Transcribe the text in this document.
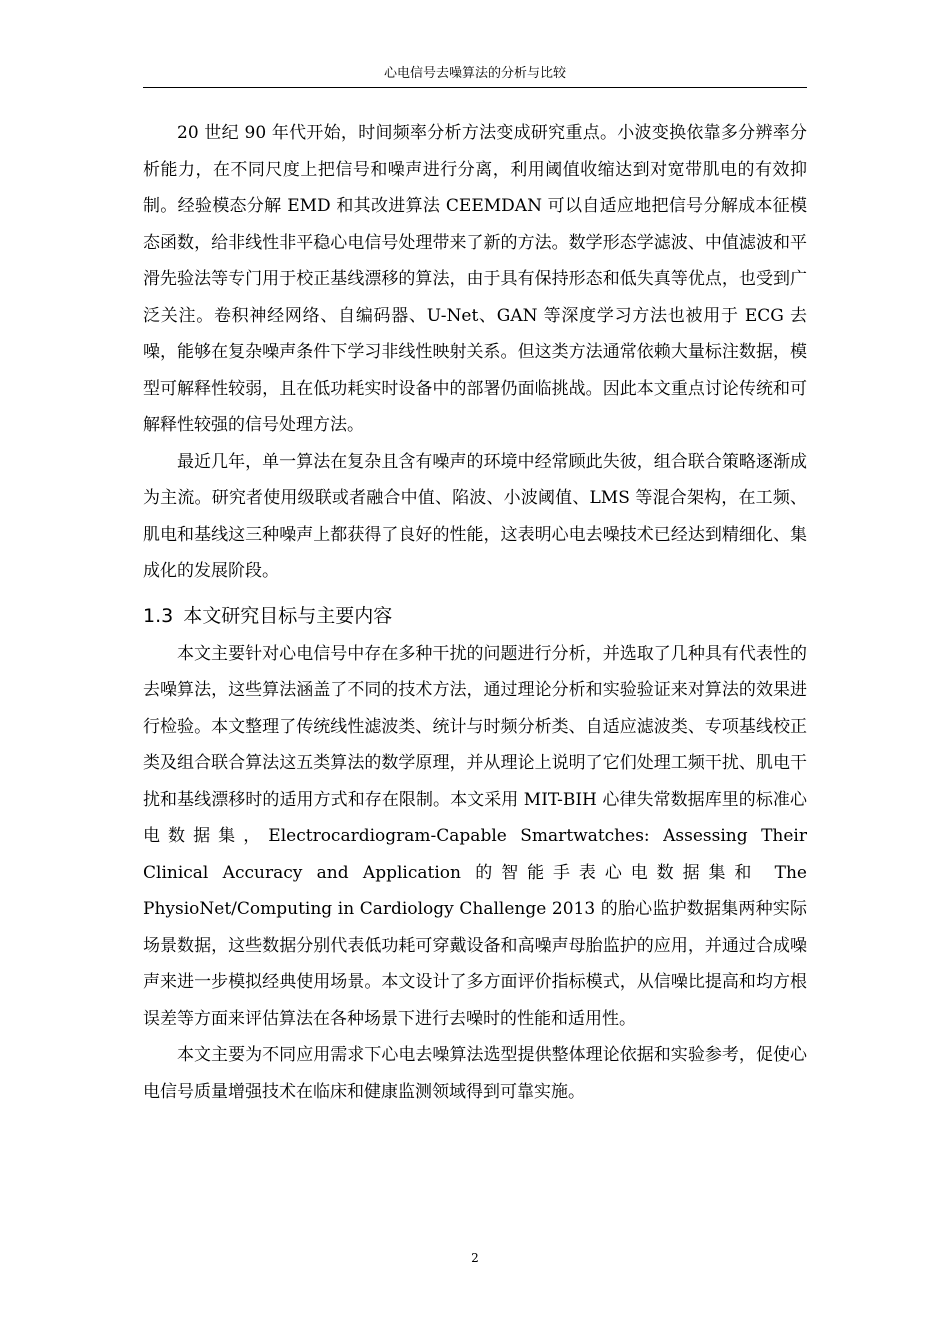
心电信号去噪算法的分析与比较

20 世纪 90 年代开始，时间频率分析方法变成研究重点。小波变换依靠多分辨率分析能力，在不同尺度上把信号和噪声进行分离，利用阈值收缩达到对宽带肌电的有效抑制。经验模态分解 EMD 和其改进算法 CEEMDAN 可以自适应地把信号分解成本征模态函数，给非线性非平稳心电信号处理带来了新的方法。数学形态学滤波、中值滤波和平滑先验法等专门用于校正基线漂移的算法，由于具有保持形态和低失真等优点，也受到广泛关注。卷积神经网络、自编码器、U-Net、GAN 等深度学习方法也被用于 ECG 去噪，能够在复杂噪声条件下学习非线性映射关系。但这类方法通常依赖大量标注数据，模型可解释性较弱，且在低功耗实时设备中的部署仍面临挑战。因此本文重点讨论传统和可解释性较强的信号处理方法。

最近几年，单一算法在复杂且含有噪声的环境中经常顾此失彼，组合联合策略逐渐成为主流。研究者使用级联或者融合中值、陷波、小波阈值、LMS 等混合架构，在工频、肌电和基线这三种噪声上都获得了良好的性能，这表明心电去噪技术已经达到精细化、集成化的发展阶段。

1.3 本文研究目标与主要内容

本文主要针对心电信号中存在多种干扰的问题进行分析，并选取了几种具有代表性的去噪算法，这些算法涵盖了不同的技术方法，通过理论分析和实验验证来对算法的效果进行检验。本文整理了传统线性滤波类、统计与时频分析类、自适应滤波类、专项基线校正类及组合联合算法这五类算法的数学原理，并从理论上说明了它们处理工频干扰、肌电干扰和基线漂移时的适用方式和存在限制。本文采用 MIT-BIH 心律失常数据库里的标准心电数据集，Electrocardiogram-Capable Smartwatches: Assessing Their Clinical Accuracy and Application 的智能手表心电数据集和 The PhysioNet/Computing in Cardiology Challenge 2013 的胎心监护数据集两种实际场景数据，这些数据分别代表低功耗可穿戴设备和高噪声母胎监护的应用，并通过合成噪声来进一步模拟经典使用场景。本文设计了多方面评价指标模式，从信噪比提高和均方根误差等方面来评估算法在各种场景下进行去噪时的性能和适用性。

本文主要为不同应用需求下心电去噪算法选型提供整体理论依据和实验参考，促使心电信号质量增强技术在临床和健康监测领域得到可靠实施。

2
